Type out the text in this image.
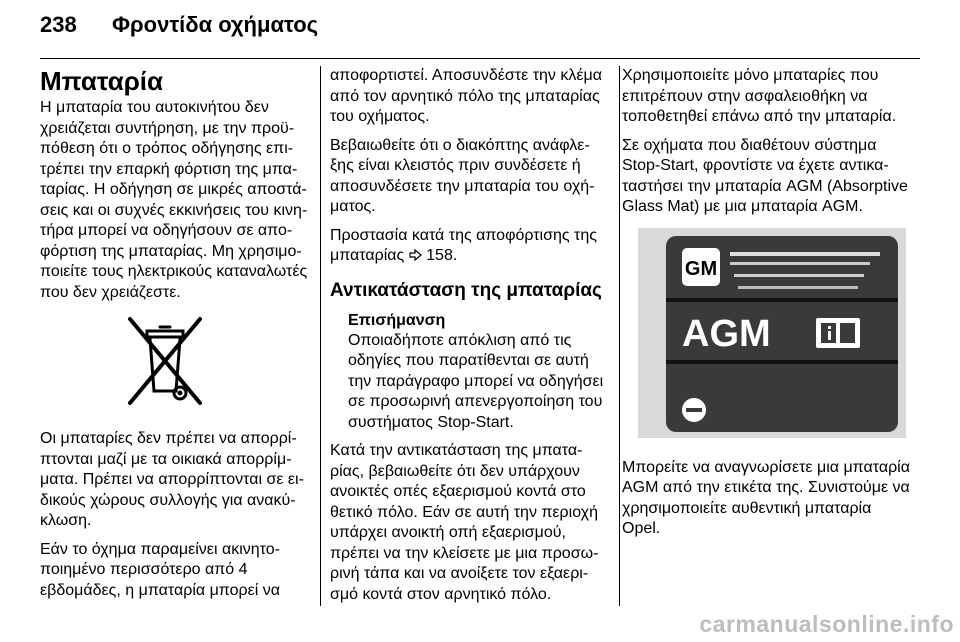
238 Φροντίδα οχήματος
Μπαταρία

Η μπαταρία του αυτοκινήτου δεν χρειάζεται συντήρηση, με την προϋπόθεση ότι ο τρόπος οδήγησης επιτρέπει την επαρκή φόρτιση της μπαταρίας. Η οδήγηση σε μικρές αποστάσεις και οι συχνές εκκινήσεις του κινητήρα μπορεί να οδηγήσουν σε αποφόρτιση της μπαταρίας. Μη χρησιμοποιείτε τους ηλεκτρικούς καταναλωτές που δεν χρειάζεστε.

Οι μπαταρίες δεν πρέπει να απορρίπτονται μαζί με τα οικιακά απορρίμματα. Πρέπει να απορρίπτονται σε ειδικούς χώρους συλλογής για ανακύκλωση.

Εάν το όχημα παραμείνει ακινητοποιημένο περισσότερο από 4 εβδομάδες, η μπαταρία μπορεί να

αποφορτιστεί. Αποσυνδέστε την κλέμα από τον αρνητικό πόλο της μπαταρίας του οχήματος.

Βεβαιωθείτε ότι ο διακόπτης ανάφλεξης είναι κλειστός πριν συνδέσετε ή αποσυνδέσετε την μπαταρία του οχήματος.

Προστασία κατά της αποφόρτισης της μπαταρίας 158.

Αντικατάσταση της μπαταρίας
Επισήμανση

Οποιαδήποτε απόκλιση από τις οδηγίες που παρατίθενται σε αυτή την παράγραφο μπορεί να οδηγήσει σε προσωρινή απενεργοποίηση του συστήματος Stop-Start.

Κατά την αντικατάσταση της μπαταρίας, βεβαιωθείτε ότι δεν υπάρχουν ανοικτές οπές εξαερισμού κοντά στο θετικό πόλο. Εάν σε αυτή την περιοχή υπάρχει ανοικτή οπή εξαερισμού, πρέπει να την κλείσετε με μια προσωρινή τάπα και να ανοίξετε τον εξαερισμό κοντά στον αρνητικό πόλο.

Χρησιμοποιείτε μόνο μπαταρίες που επιτρέπουν στην ασφαλειοθήκη να τοποθετηθεί επάνω από την μπαταρία.

Σε οχήματα που διαθέτουν σύστημα Stop-Start, φροντίστε να έχετε αντικαταστήσει την μπαταρία AGM (Absorptive Glass Mat) με μια μπαταρία AGM.

GM
AGM

Μπορείτε να αναγνωρίσετε μια μπαταρία AGM από την ετικέτα της. Συνιστούμε να χρησιμοποιείτε αυθεντική μπαταρία Opel.

carmanualsonline.info
